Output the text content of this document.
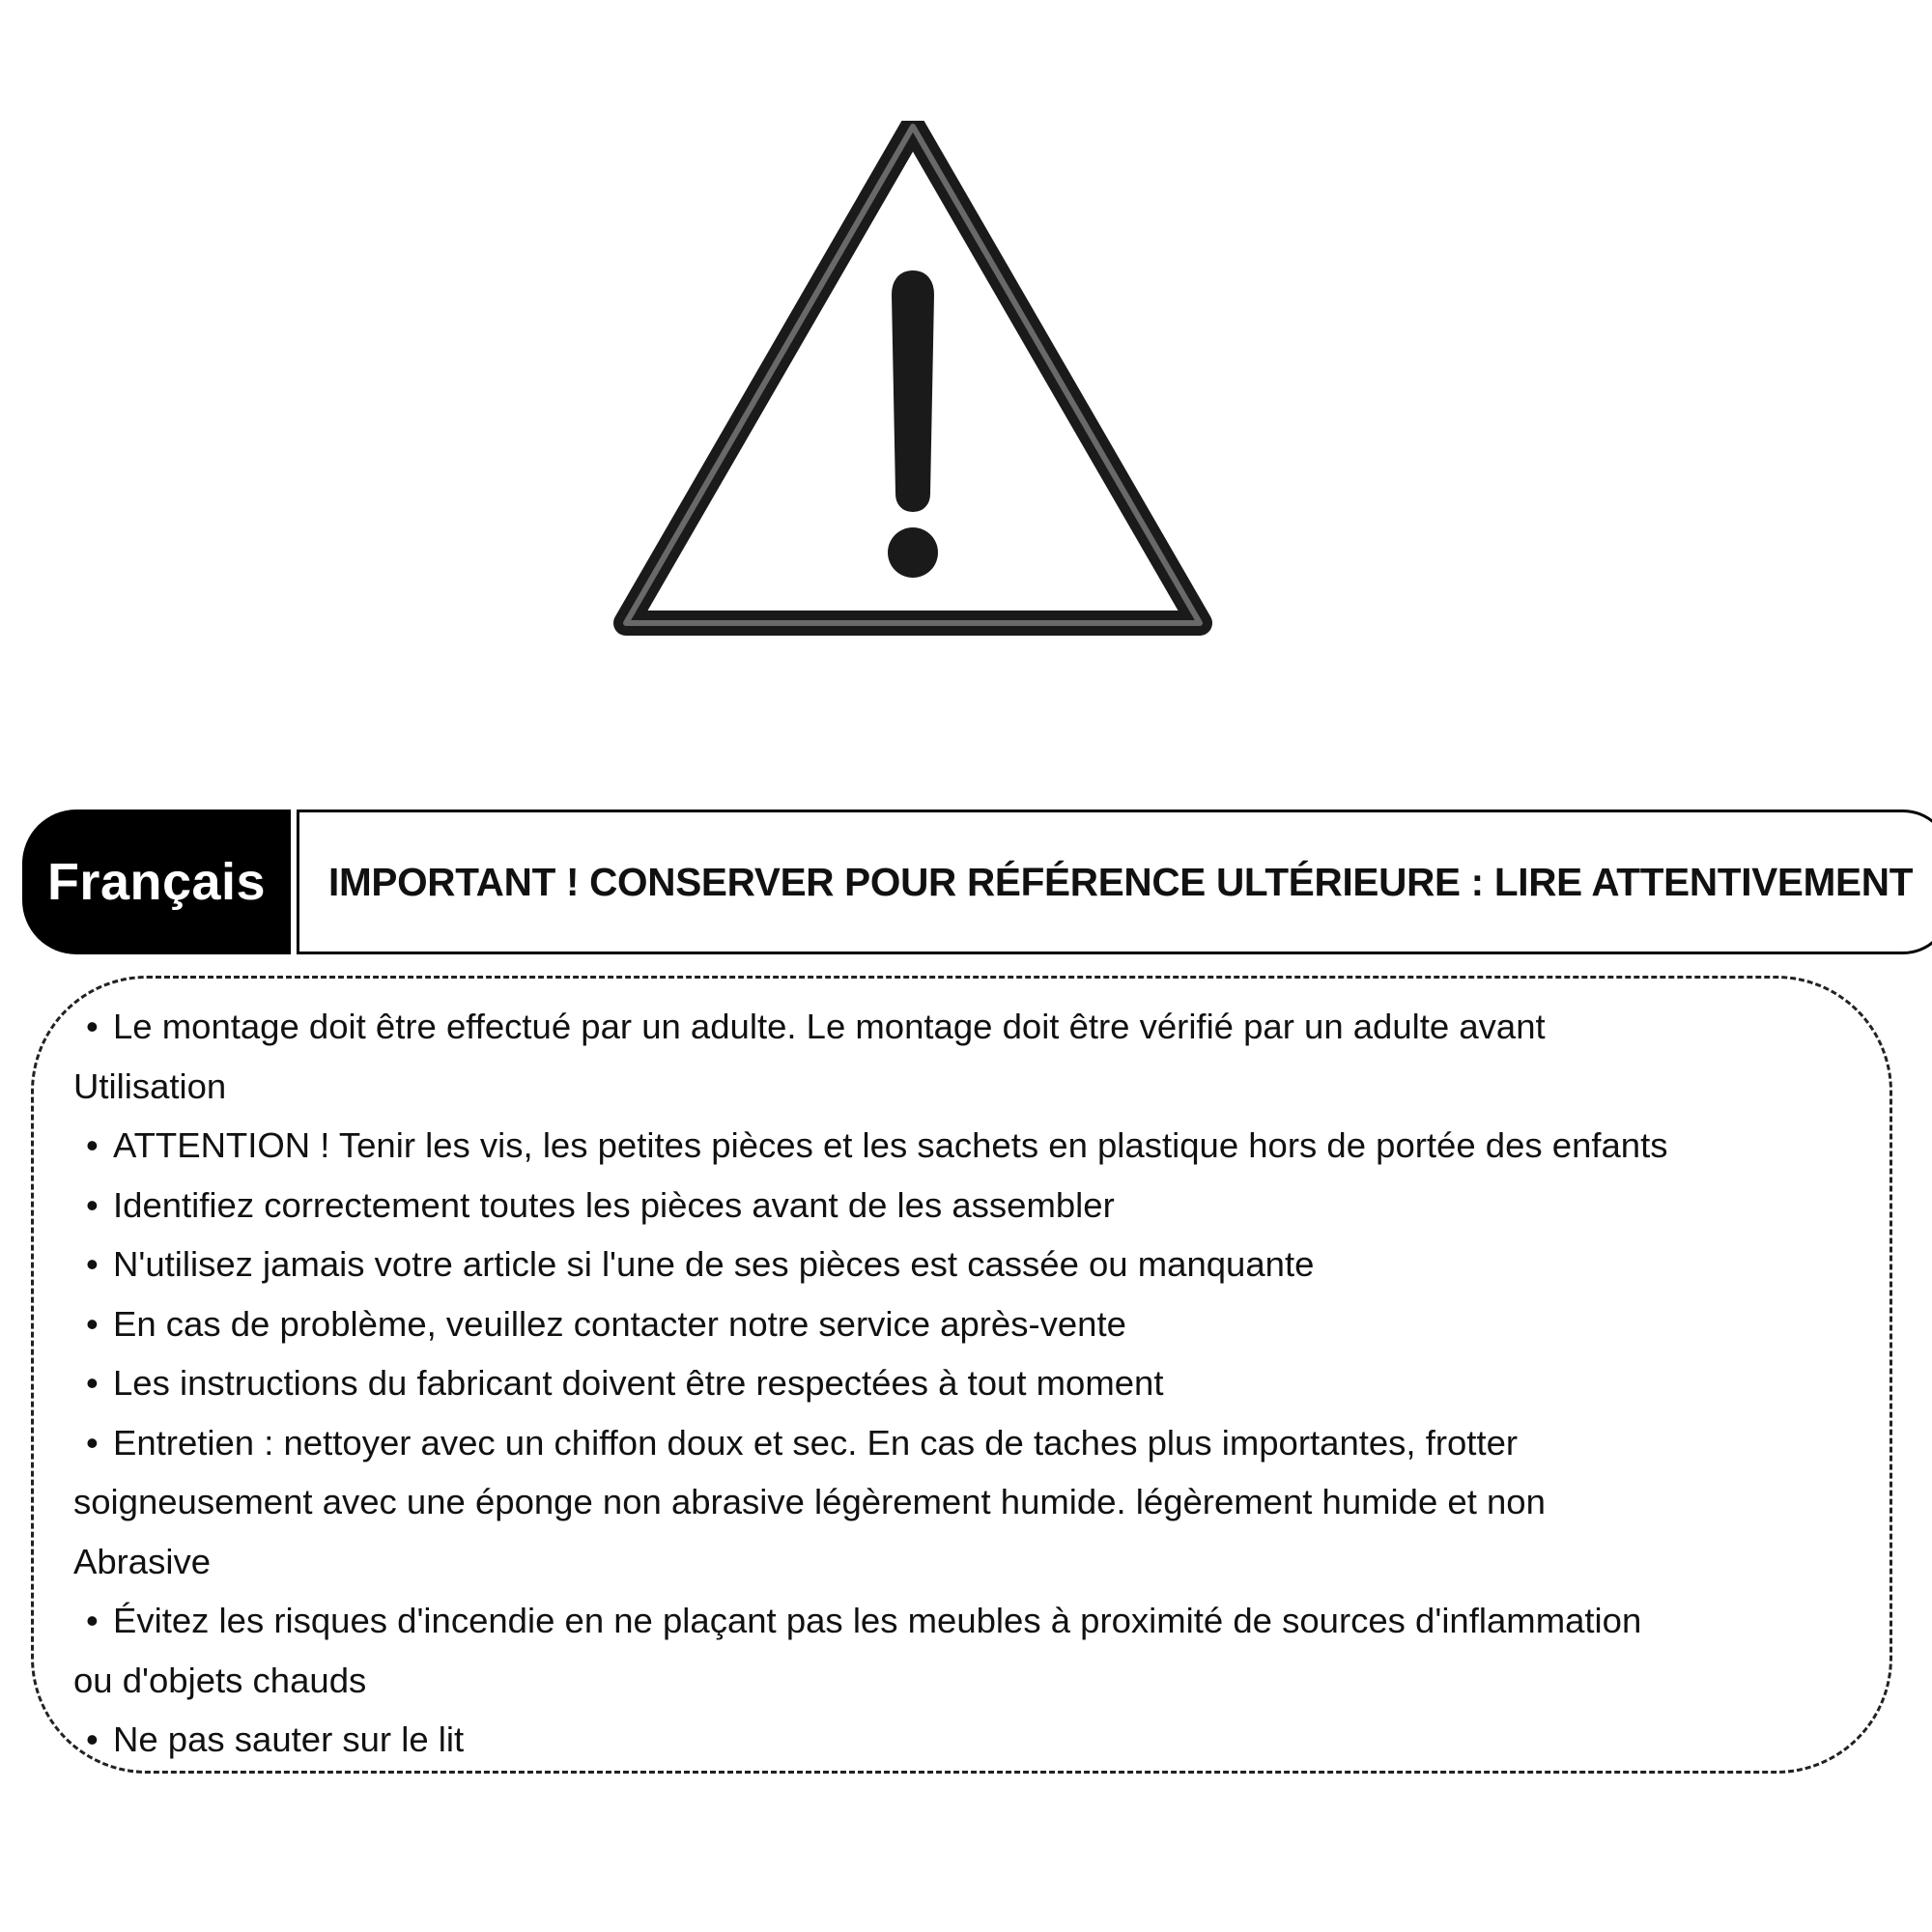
Français IMPORTANT ! CONSERVER POUR RÉFÉRENCE ULTÉRIEURE : LIRE ATTENTIVEMENT
• Le montage doit être effectué par un adulte. Le montage doit être vérifié par un adulte avant
Utilisation
• ATTENTION ! Tenir les vis, les petites pièces et les sachets en plastique hors de portée des enfants
• Identifiez correctement toutes les pièces avant de les assembler
• N'utilisez jamais votre article si l'une de ses pièces est cassée ou manquante
• En cas de problème, veuillez contacter notre service après-vente
• Les instructions du fabricant doivent être respectées à tout moment
• Entretien : nettoyer avec un chiffon doux et sec. En cas de taches plus importantes, frotter
soigneusement avec une éponge non abrasive légèrement humide. légèrement humide et non
Abrasive
• Évitez les risques d'incendie en ne plaçant pas les meubles à proximité de sources d'inflammation
ou d'objets chauds
• Ne pas sauter sur le lit
